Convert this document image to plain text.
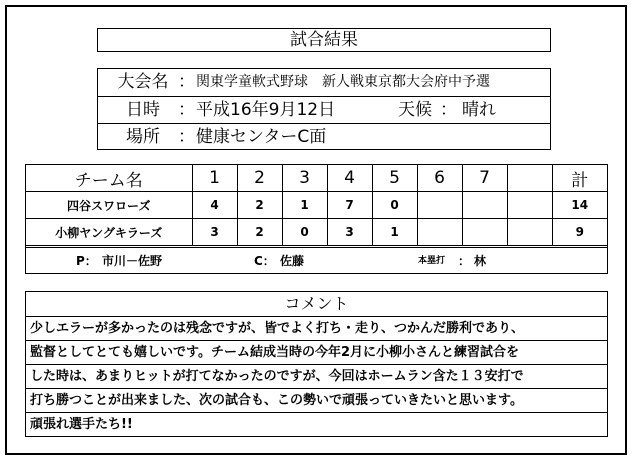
試合結果
大会名 ： 関東学童軟式野球　新人戦東京都大会府中予選
日時	： 平成16年9月12日	天候 ： 晴れ
場所	： 健康センターC面
チーム名	1	2	3	4	5	6	7		計
四谷スワローズ	4	2	1	7	0				14
小柳ヤングキラーズ	3	2	0	3	1				9
P： 市川－佐野	C： 佐藤	本塁打 ： 林
コメント
少しエラーが多かったのは残念ですが、皆でよく打ち・走り、つかんだ勝利であり、
監督としてとても嬉しいです。チーム結成当時の今年2月に小柳小さんと練習試合を
した時は、あまりヒットが打てなかったのですが、今回はホームラン含た１３安打で
打ち勝つことが出来ました、次の試合も、この勢いで頑張っていきたいと思います。
頑張れ選手たち!!
